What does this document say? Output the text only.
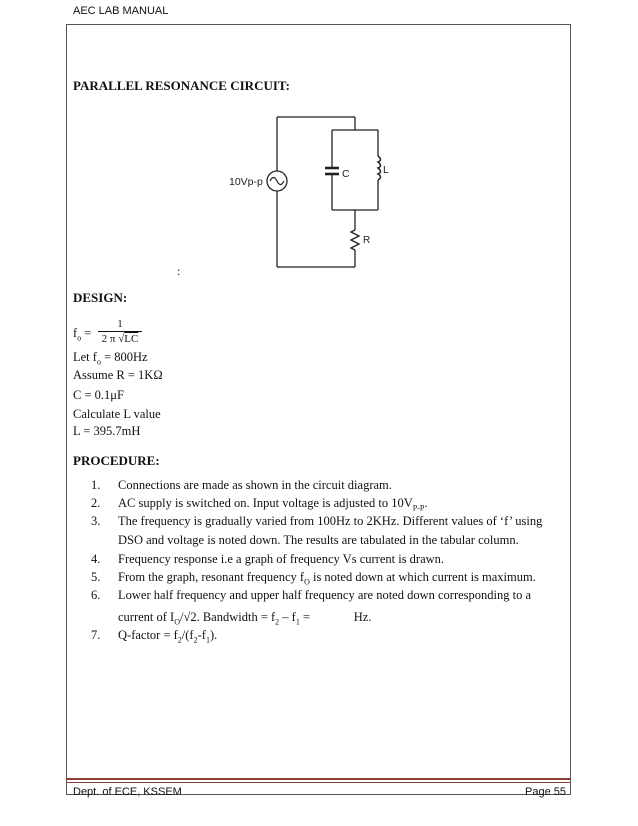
AEC LAB MANUAL
PARALLEL RESONANCE CIRCUIT:
10Vp-p
C	L
R
:
DESIGN:
$f_o = \frac{1}{2 \pi √LC}$
Let $f_o = 800Hz$
Assume R = 1KΩ
C = 0.1μF
Calculate L value
L = 395.7mH
PROCEDURE:
1. Connections are made as shown in the circuit diagram.
2. AC supply is switched on. Input voltage is adjusted to $10V_{P-P}$.
3. The frequency is gradually varied from 100Hz to 2KHz. Different values of ‘f’ using
DSO and voltage is noted down. The results are tabulated in the tabular column.
4. Frequency response i.e a graph of frequency Vs current is drawn.
5. From the graph, resonant frequency $f_O$ is noted down at which current is maximum.
6. Lower half frequency and upper half frequency are noted down corresponding to a
current of $I_O/√2$. Bandwidth = $f_2 - f_1$ =              Hz.
7. Q-factor = $f_2/(f_2-f_1)$.
Dept. of ECE, KSSEM	Page 55
